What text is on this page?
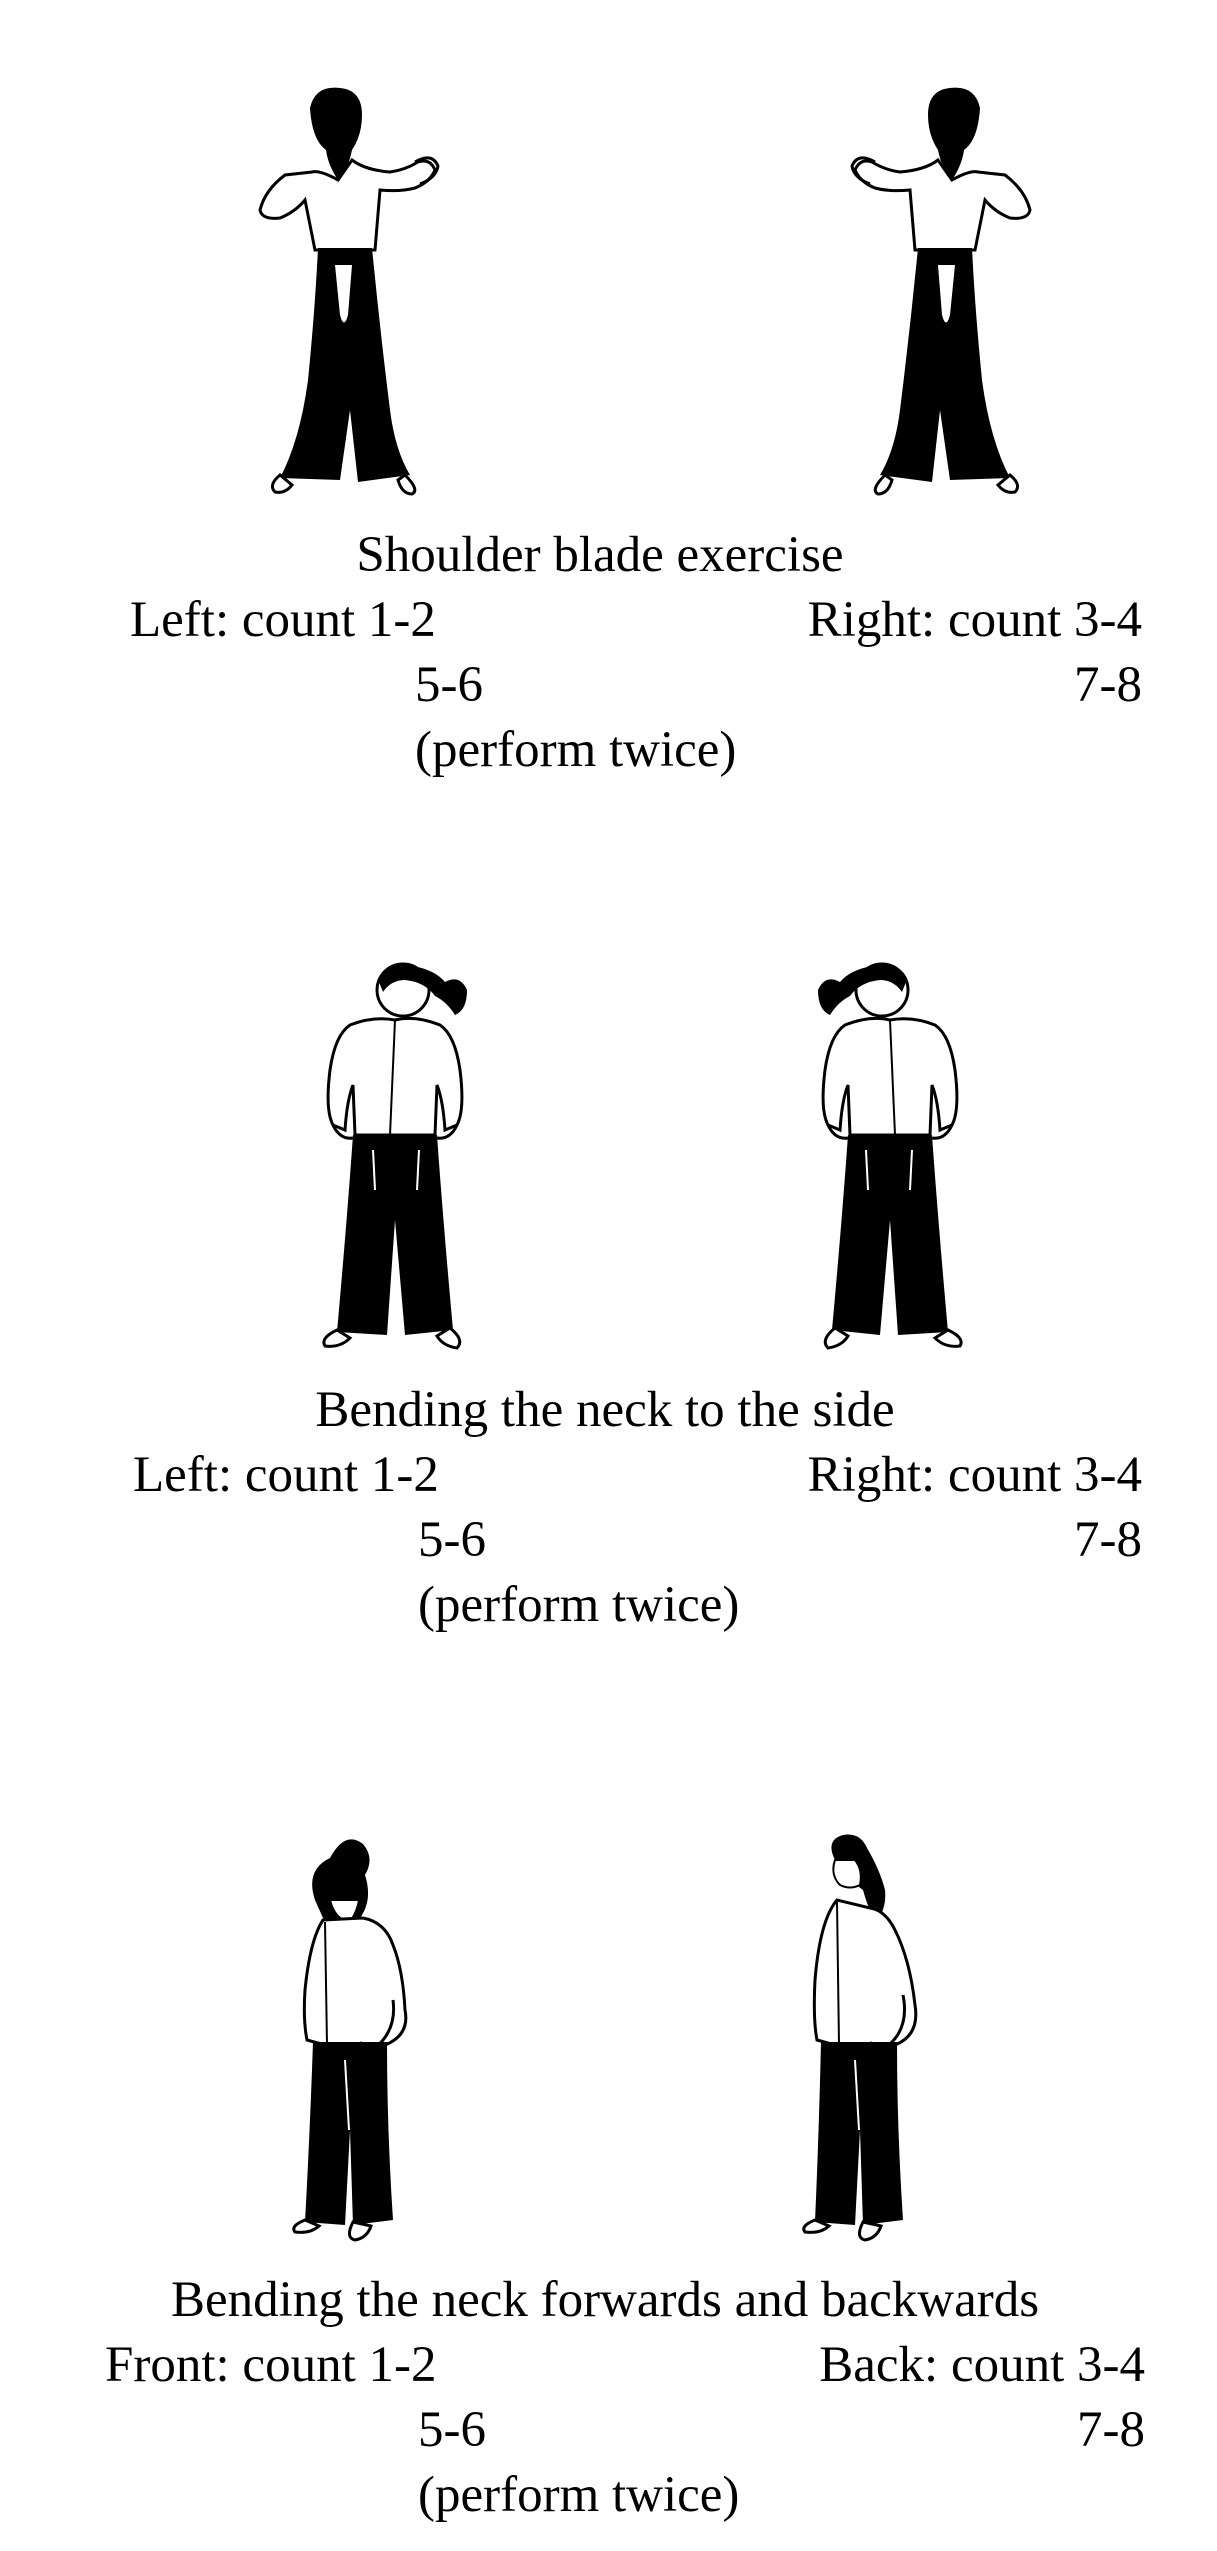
Shoulder blade exercise
Left: count 1-2	Right: count 3-4
5-6	7-8
(perform twice)
Bending the neck to the side
Left: count 1-2	Right: count 3-4
5-6	7-8
(perform twice)
Bending the neck forwards and backwards
Front: count 1-2	Back: count 3-4
5-6	7-8
(perform twice)
